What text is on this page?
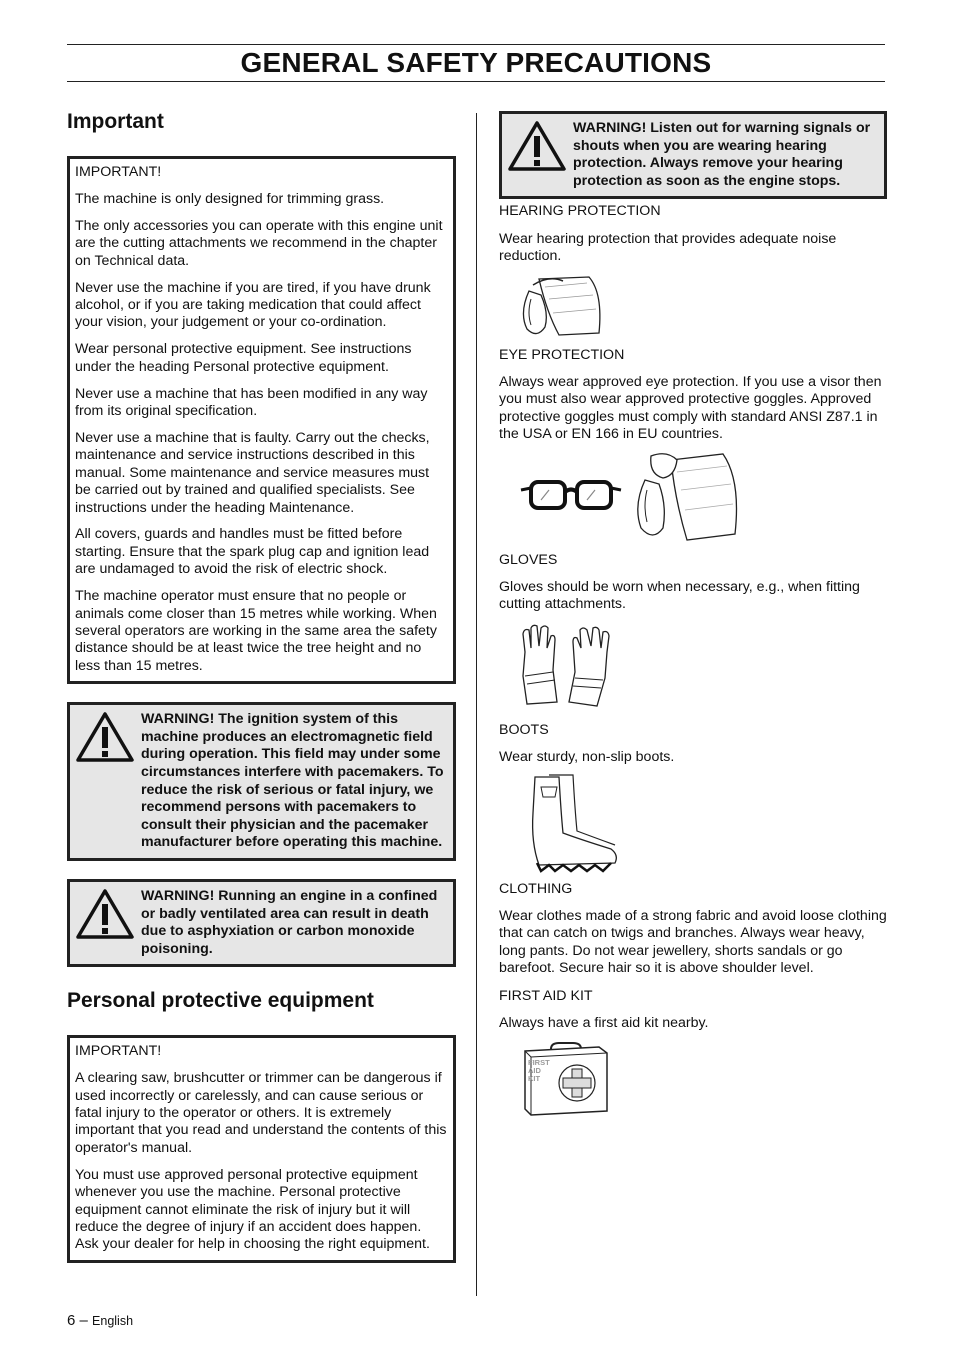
GENERAL SAFETY PRECAUTIONS
Important

IMPORTANT!

The machine is only designed for trimming grass.

The only accessories you can operate with this engine unit are the cutting attachments we recommend in the chapter on Technical data.

Never use the machine if you are tired, if you have drunk alcohol, or if you are taking medication that could affect your vision, your judgement or your co-ordination.

Wear personal protective equipment. See instructions under the heading Personal protective equipment.

Never use a machine that has been modified in any way from its original specification.

Never use a machine that is faulty. Carry out the checks, maintenance and service instructions described in this manual. Some maintenance and service measures must be carried out by trained and qualified specialists. See instructions under the heading Maintenance.

All covers, guards and handles must be fitted before starting. Ensure that the spark plug cap and ignition lead are undamaged to avoid the risk of electric shock.

The machine operator must ensure that no people or animals come closer than 15 metres while working. When several operators are working in the same area the safety distance should be at least twice the tree height and no less than 15 metres.

WARNING! The ignition system of this machine produces an electromagnetic field during operation. This field may under some circumstances interfere with pacemakers. To reduce the risk of serious or fatal injury, we recommend persons with pacemakers to consult their physician and the pacemaker manufacturer before operating this machine.
WARNING! Running an engine in a confined or badly ventilated area can result in death due to asphyxiation or carbon monoxide poisoning.
Personal protective equipment

IMPORTANT!

A clearing saw, brushcutter or trimmer can be dangerous if used incorrectly or carelessly, and can cause serious or fatal injury to the operator or others. It is extremely important that you read and understand the contents of this operator's manual.

You must use approved personal protective equipment whenever you use the machine. Personal protective equipment cannot eliminate the risk of injury but it will reduce the degree of injury if an accident does happen. Ask your dealer for help in choosing the right equipment.

WARNING! Listen out for warning signals or shouts when you are wearing hearing protection. Always remove your hearing protection as soon as the engine stops.

HEARING PROTECTION

Wear hearing protection that provides adequate noise reduction.

EYE PROTECTION

Always wear approved eye protection. If you use a visor then you must also wear approved protective goggles. Approved protective goggles must comply with standard ANSI Z87.1 in the USA or EN 166 in EU countries.

GLOVES

Gloves should be worn when necessary, e.g., when fitting cutting attachments.

BOOTS

Wear sturdy, non-slip boots.

CLOTHING

Wear clothes made of a strong fabric and avoid loose clothing that can catch on twigs and branches. Always wear heavy, long pants. Do not wear jewellery, shorts sandals or go barefoot. Secure hair so it is above shoulder level.

FIRST AID KIT

Always have a first aid kit nearby.

FIRST AID KIT
6 – English
